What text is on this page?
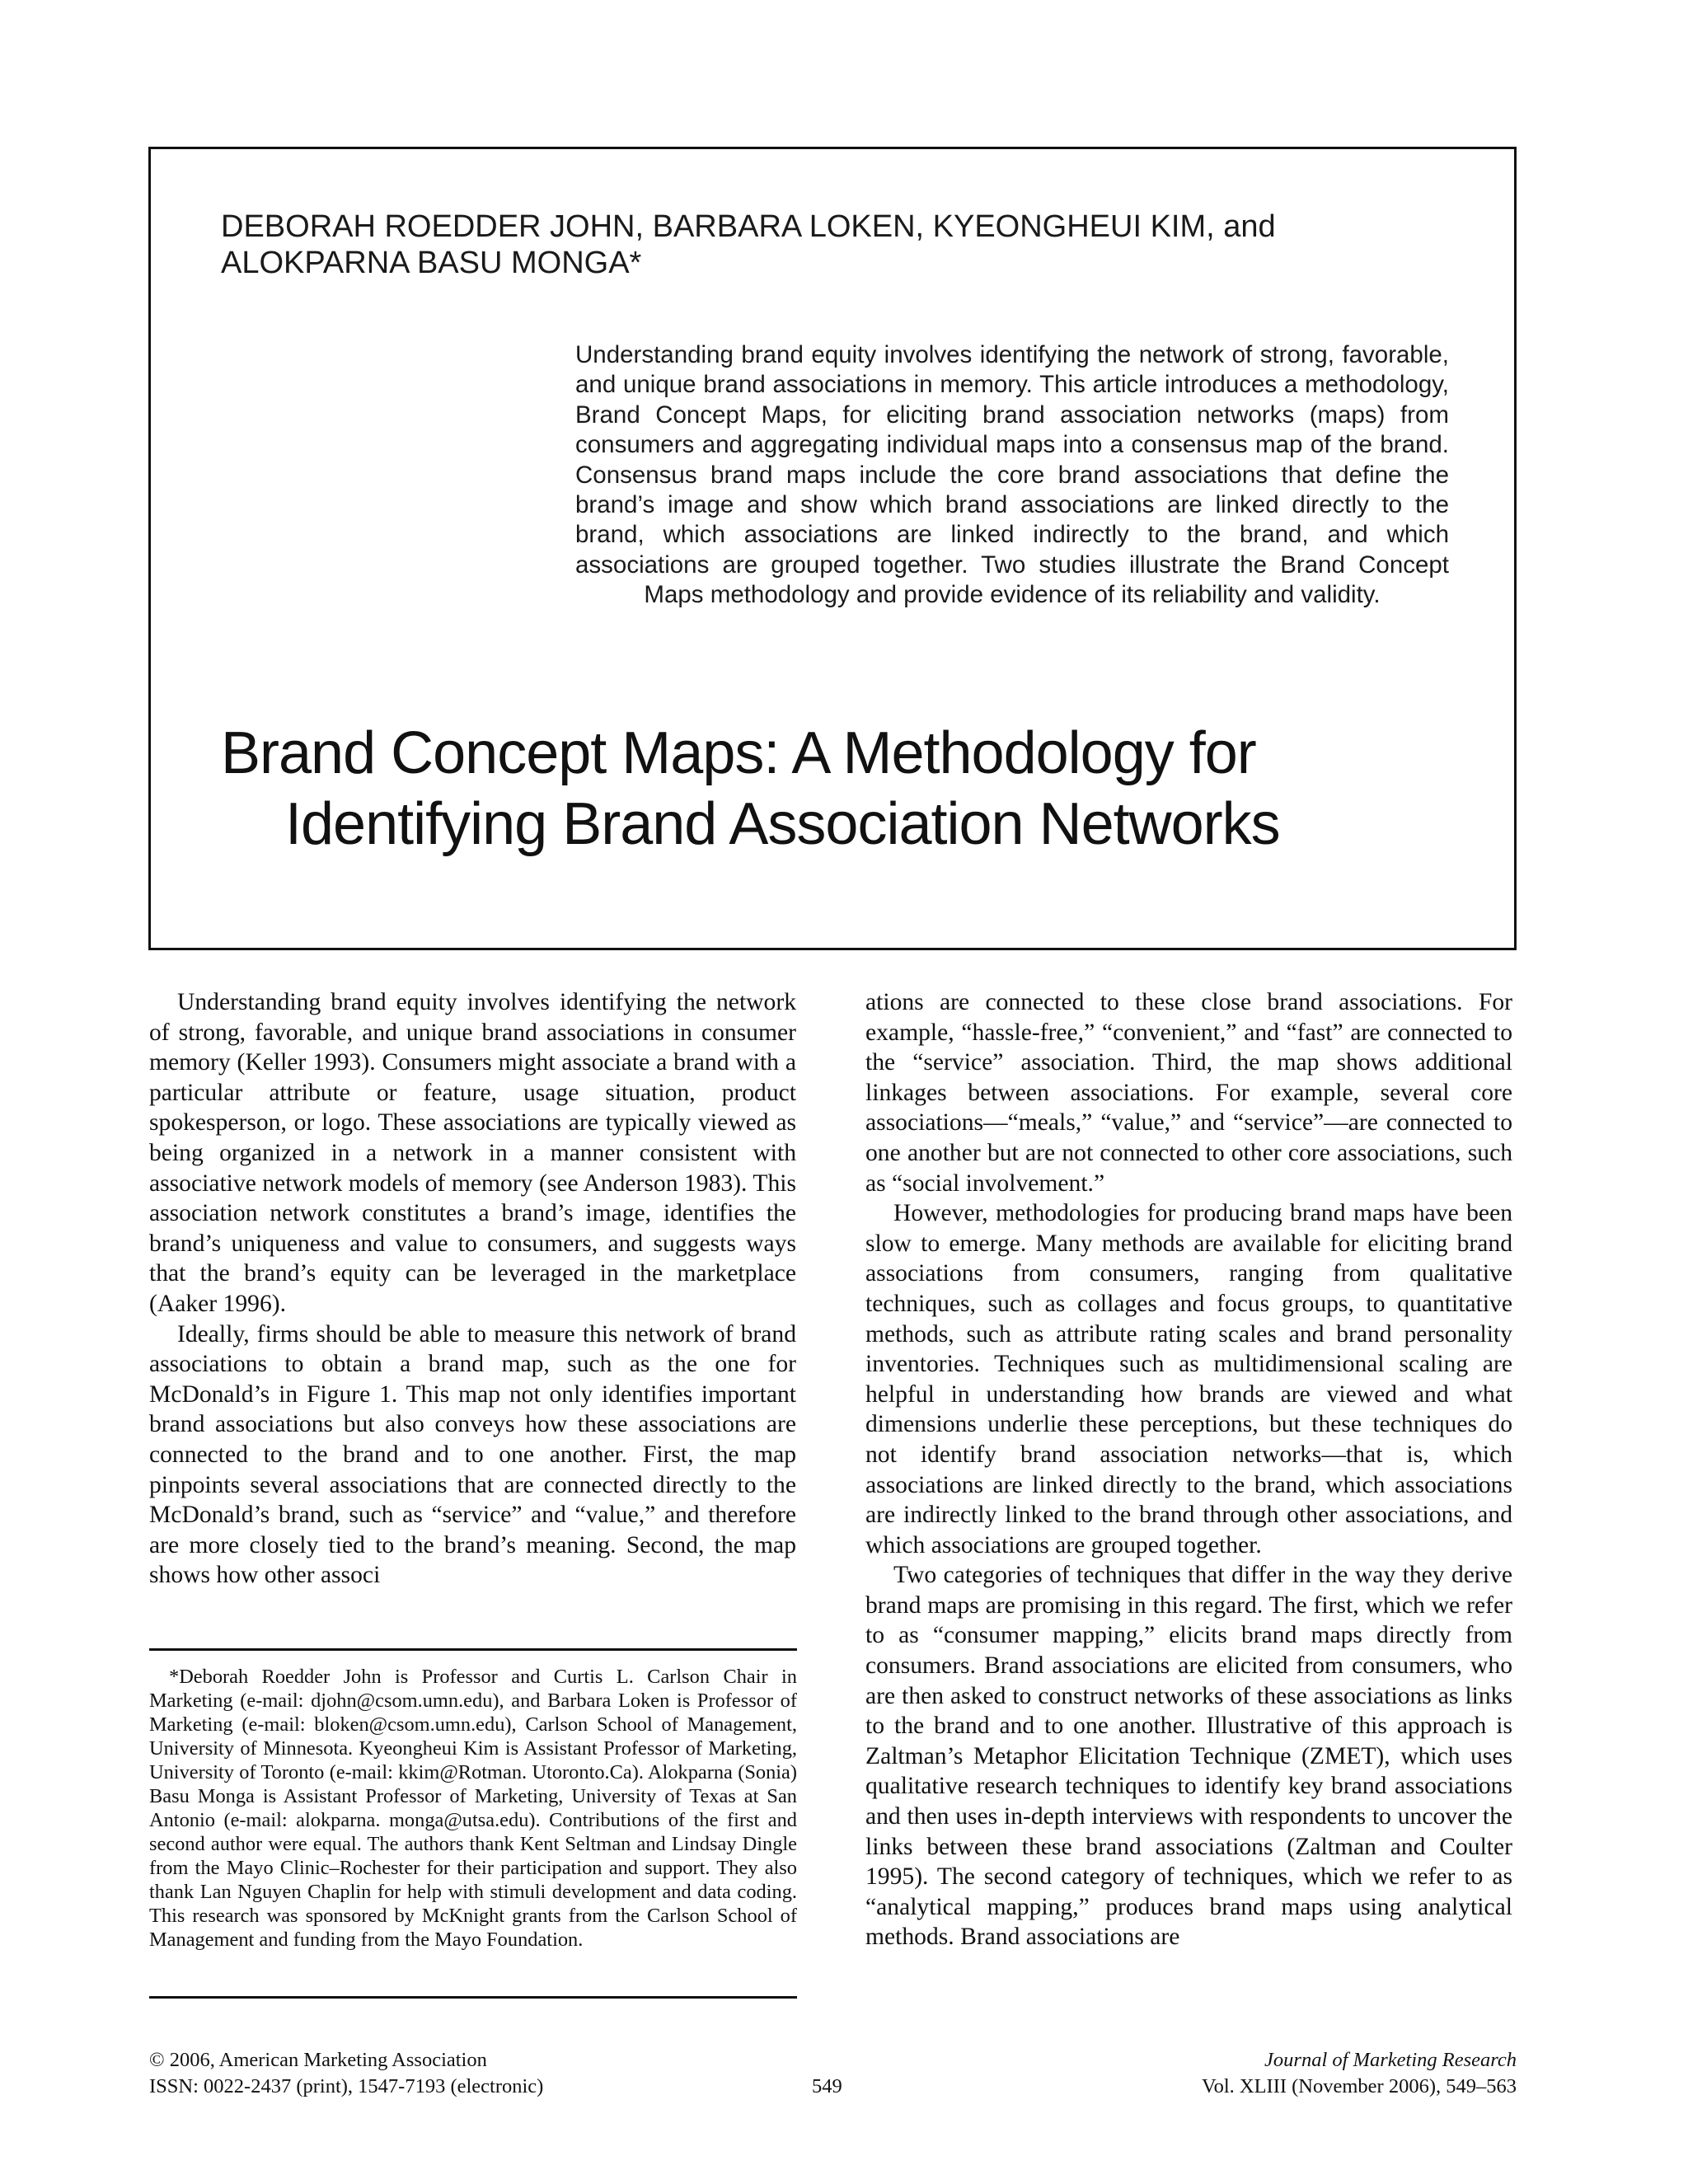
DEBORAH ROEDDER JOHN, BARBARA LOKEN, KYEONGHEUI KIM, and
ALOKPARNA BASU MONGA*
Understanding brand equity involves identifying the network of strong, favorable, and unique brand associations in memory. This article introduces a methodology, Brand Concept Maps, for eliciting brand association networks (maps) from consumers and aggregating individual maps into a consensus map of the brand. Consensus brand maps include the core brand associations that define the brand’s image and show which brand associations are linked directly to the brand, which associations are linked indirectly to the brand, and which associations are grouped together. Two studies illustrate the Brand Concept Maps methodology and provide evidence of its reliability and validity.
Brand Concept Maps: A Methodology for
Identifying Brand Association Networks

Understanding brand equity involves identifying the network of strong, favorable, and unique brand associations in consumer memory (Keller 1993). Consumers might associate a brand with a particular attribute or feature, usage situation, product spokesperson, or logo. These associations are typically viewed as being organized in a network in a manner consistent with associative network models of memory (see Anderson 1983). This association network constitutes a brand’s image, identifies the brand’s uniqueness and value to consumers, and suggests ways that the brand’s equity can be leveraged in the marketplace (Aaker 1996).

Ideally, firms should be able to measure this network of brand associations to obtain a brand map, such as the one for McDonald’s in Figure 1. This map not only identifies important brand associations but also conveys how these associations are connected to the brand and to one another. First, the map pinpoints several associations that are connected directly to the McDonald’s brand, such as “service” and “value,” and therefore are more closely tied to the brand’s meaning. Second, the map shows how other associ

*Deborah Roedder John is Professor and Curtis L. Carlson Chair in Marketing (e-mail: djohn@csom.umn.edu), and Barbara Loken is Professor of Marketing (e-mail: bloken@csom.umn.edu), Carlson School of Management, University of Minnesota. Kyeongheui Kim is Assistant Professor of Marketing, University of Toronto (e-mail: kkim@Rotman. Utoronto.Ca). Alokparna (Sonia) Basu Monga is Assistant Professor of Marketing, University of Texas at San Antonio (e-mail: alokparna. monga@utsa.edu). Contributions of the first and second author were equal. The authors thank Kent Seltman and Lindsay Dingle from the Mayo Clinic–Rochester for their participation and support. They also thank Lan Nguyen Chaplin for help with stimuli development and data coding. This research was sponsored by McKnight grants from the Carlson School of Management and funding from the Mayo Foundation.

ations are connected to these close brand associations. For example, “hassle-free,” “convenient,” and “fast” are connected to the “service” association. Third, the map shows additional linkages between associations. For example, several core associations—“meals,” “value,” and “service”—are connected to one another but are not connected to other core associations, such as “social involvement.”

However, methodologies for producing brand maps have been slow to emerge. Many methods are available for eliciting brand associations from consumers, ranging from qualitative techniques, such as collages and focus groups, to quantitative methods, such as attribute rating scales and brand personality inventories. Techniques such as multidimensional scaling are helpful in understanding how brands are viewed and what dimensions underlie these perceptions, but these techniques do not identify brand association networks—that is, which associations are linked directly to the brand, which associations are indirectly linked to the brand through other associations, and which associations are grouped together.

Two categories of techniques that differ in the way they derive brand maps are promising in this regard. The first, which we refer to as “consumer mapping,” elicits brand maps directly from consumers. Brand associations are elicited from consumers, who are then asked to construct networks of these associations as links to the brand and to one another. Illustrative of this approach is Zaltman’s Metaphor Elicitation Technique (ZMET), which uses qualitative research techniques to identify key brand associations and then uses in-depth interviews with respondents to uncover the links between these brand associations (Zaltman and Coulter 1995). The second category of techniques, which we refer to as “analytical mapping,” produces brand maps using analytical methods. Brand associations are

© 2006, American Marketing Association
ISSN: 0022-2437 (print), 1547-7193 (electronic)	549
Journal of Marketing Research
Vol. XLIII (November 2006), 549–563
